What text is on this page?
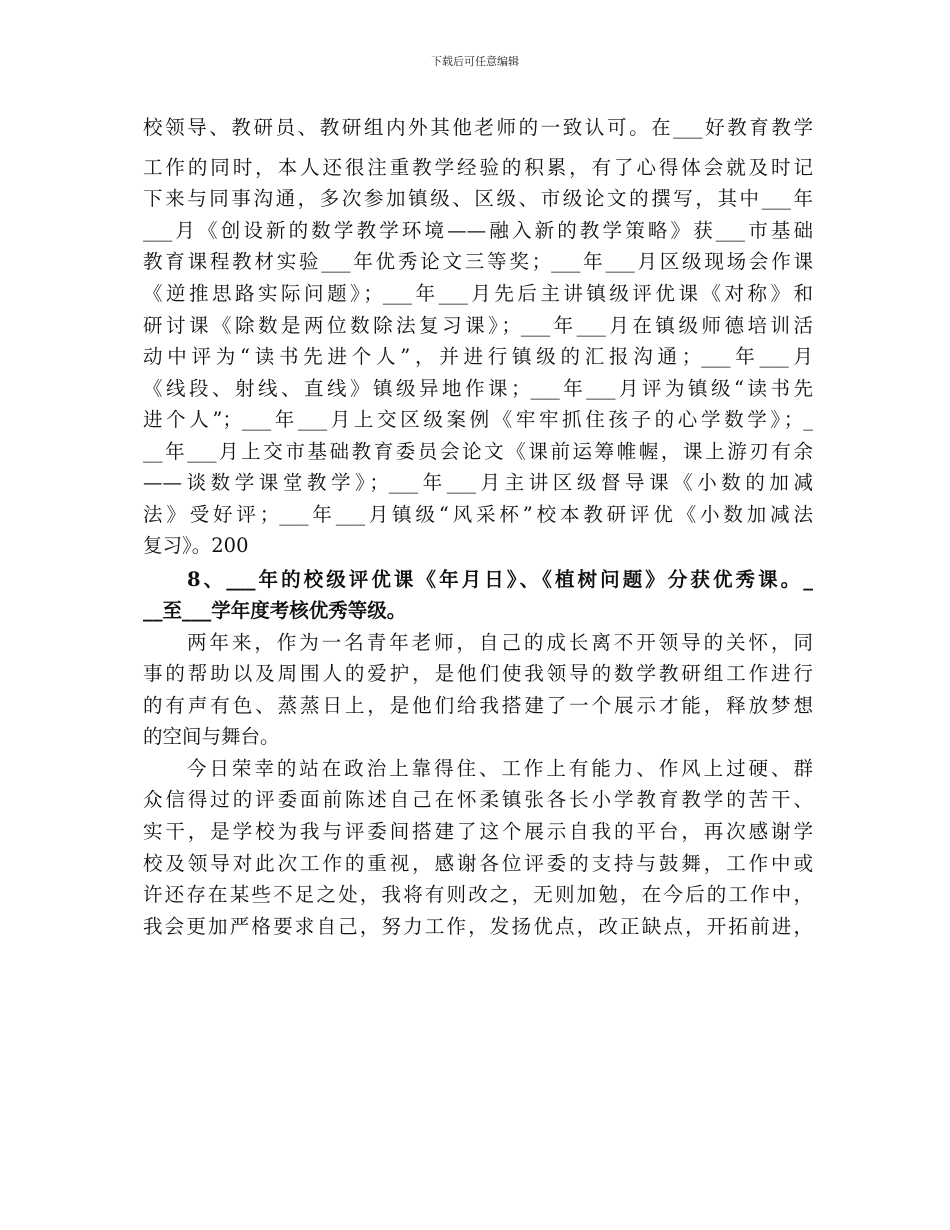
下载后可任意编辑
校领导、教研员、教研组内外其他老师的一致认可。在___好教育教学
工作的同时，本人还很注重教学经验的积累，有了心得体会就及时记
下来与同事沟通，多次参加镇级、区级、市级论文的撰写，其中___年
___月《创设新的数学教学环境——融入新的教学策略》获___市基础
教育课程教材实验___年优秀论文三等奖；___年___月区级现场会作课
《逆推思路实际问题》；___年___月先后主讲镇级评优课《对称》和
研讨课《除数是两位数除法复习课》；___年___月在镇级师德培训活
动中评为“读书先进个人”，并进行镇级的汇报沟通；___年___月
《线段、射线、直线》镇级异地作课；___年___月评为镇级“读书先
进个人”；___年___月上交区级案例《牢牢抓住孩子的心学数学》；_
__年___月上交市基础教育委员会论文《课前运筹帷幄，课上游刃有余
——谈数学课堂教学》；___年___月主讲区级督导课《小数的加减
法》受好评；___年___月镇级“风采杯”校本教研评优《小数加减法
复习》。200
8、___年的校级评优课《年月日》、《植树问题》分获优秀课。_
__至___学年度考核优秀等级。
两年来，作为一名青年老师，自己的成长离不开领导的关怀，同
事的帮助以及周围人的爱护，是他们使我领导的数学教研组工作进行
的有声有色、蒸蒸日上，是他们给我搭建了一个展示才能，释放梦想
的空间与舞台。
今日荣幸的站在政治上靠得住、工作上有能力、作风上过硬、群
众信得过的评委面前陈述自己在怀柔镇张各长小学教育教学的苦干、
实干，是学校为我与评委间搭建了这个展示自我的平台，再次感谢学
校及领导对此次工作的重视，感谢各位评委的支持与鼓舞，工作中或
许还存在某些不足之处，我将有则改之，无则加勉，在今后的工作中，
我会更加严格要求自己，努力工作，发扬优点，改正缺点，开拓前进，
